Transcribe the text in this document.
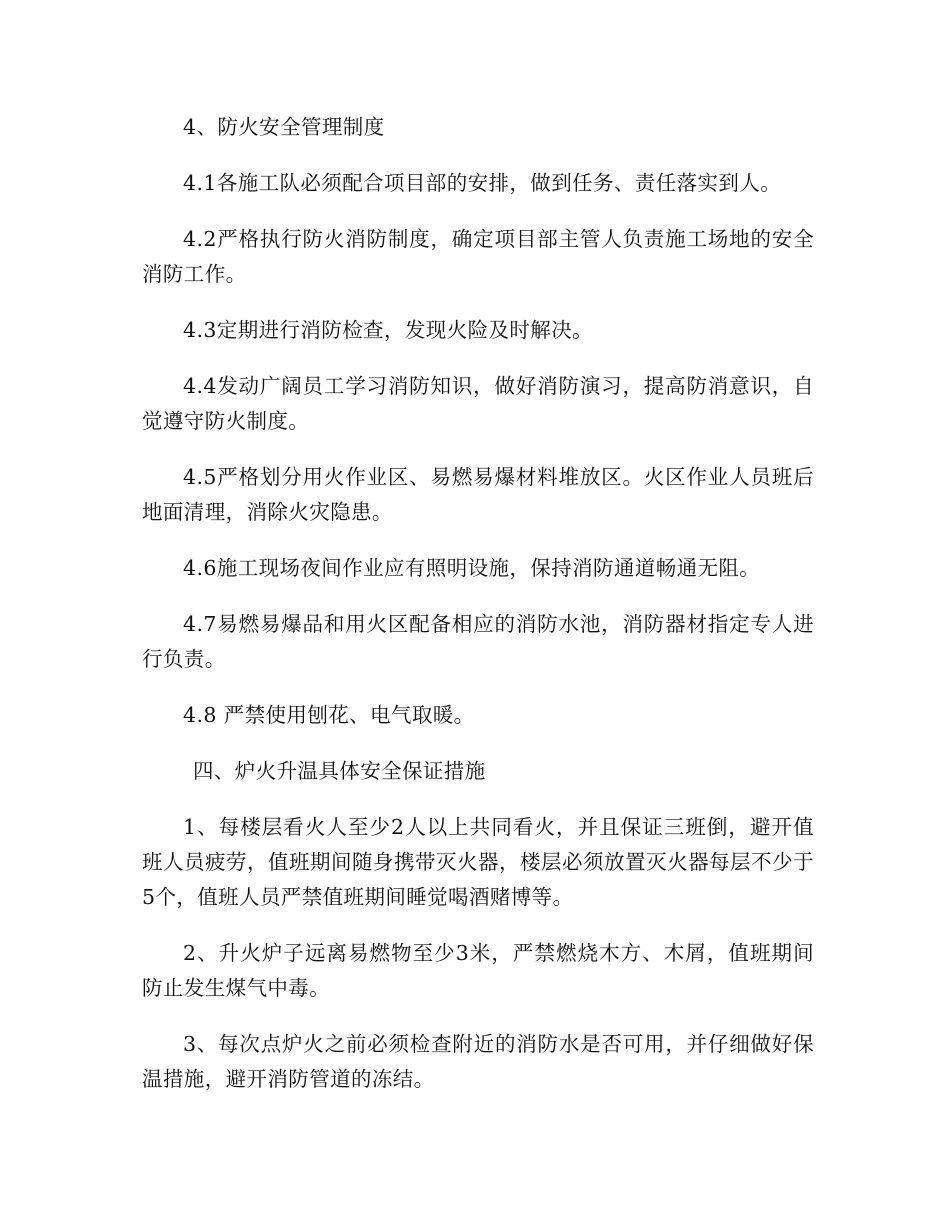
4、防火安全管理制度

4.1各施工队必须配合项目部的安排，做到任务、责任落实到人。

4.2严格执行防火消防制度，确定项目部主管人负责施工场地的安全消防工作。

4.3定期进行消防检查，发现火险及时解决。

4.4发动广阔员工学习消防知识，做好消防演习，提高防消意识，自觉遵守防火制度。

4.5严格划分用火作业区、易燃易爆材料堆放区。火区作业人员班后地面清理，消除火灾隐患。

4.6施工现场夜间作业应有照明设施，保持消防通道畅通无阻。

4.7易燃易爆品和用火区配备相应的消防水池，消防器材指定专人进行负责。

4.8 严禁使用刨花、电气取暖。

四、炉火升温具体安全保证措施

1、每楼层看火人至少2人以上共同看火，并且保证三班倒，避开值班人员疲劳，值班期间随身携带灭火器，楼层必须放置灭火器每层不少于5个，值班人员严禁值班期间睡觉喝酒赌博等。

2、升火炉子远离易燃物至少3米，严禁燃烧木方、木屑，值班期间防止发生煤气中毒。

3、每次点炉火之前必须检查附近的消防水是否可用，并仔细做好保温措施，避开消防管道的冻结。
